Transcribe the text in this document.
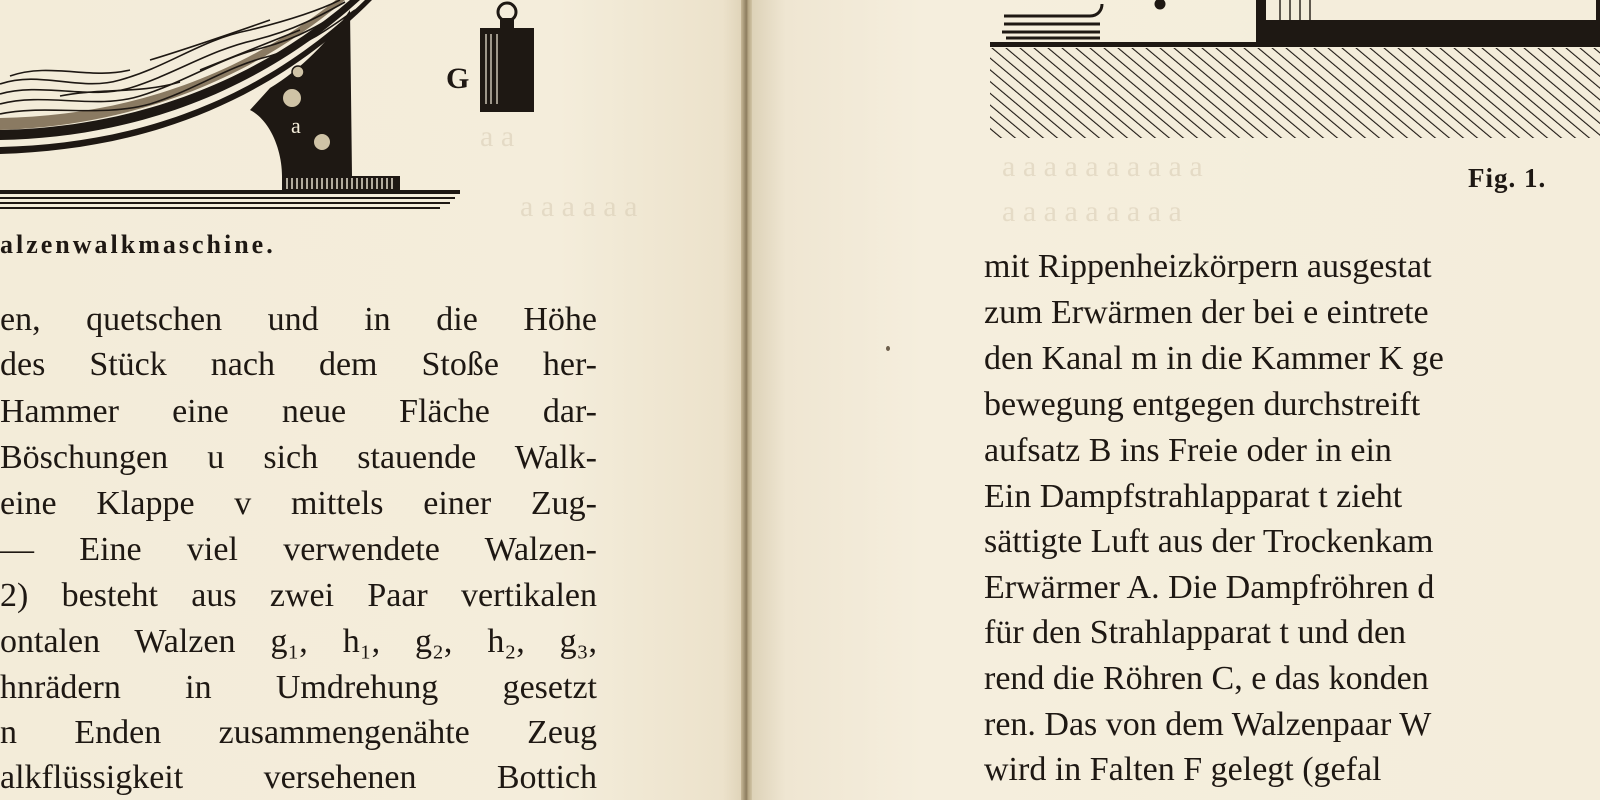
a a
a a a a a a
a
G
alzenwalkmaschine.
en, quetschen und in die Höhe
des Stück nach dem Stoße her-
Hammer eine neue Fläche dar-
Böschungen u sich stauende Walk-
eine Klappe v mittels einer Zug-
— Eine viel verwendete Walzen-
2) besteht aus zwei Paar vertikalen
ontalen Walzen g₁, h₁, g₂, h₂, g₃,
hnrädern in Umdrehung gesetzt
n Enden zusammengenähte Zeug
alkflüssigkeit versehenen Bottich
a a a a a a a a a a
a a a a a a a a a
Fig. 1.
mit Rippenheizkörpern ausgestat
zum Erwärmen der bei e eintrete
den Kanal m in die Kammer K ge
bewegung entgegen durchstreift
aufsatz B ins Freie oder in ein
Ein Dampfstrahlapparat t zieht
sättigte Luft aus der Trockenkam
Erwärmer A. Die Dampfröhren d
für den Strahlapparat t und den
rend die Röhren C, e das konden
ren. Das von dem Walzenpaar W
wird in Falten F gelegt (gefal
